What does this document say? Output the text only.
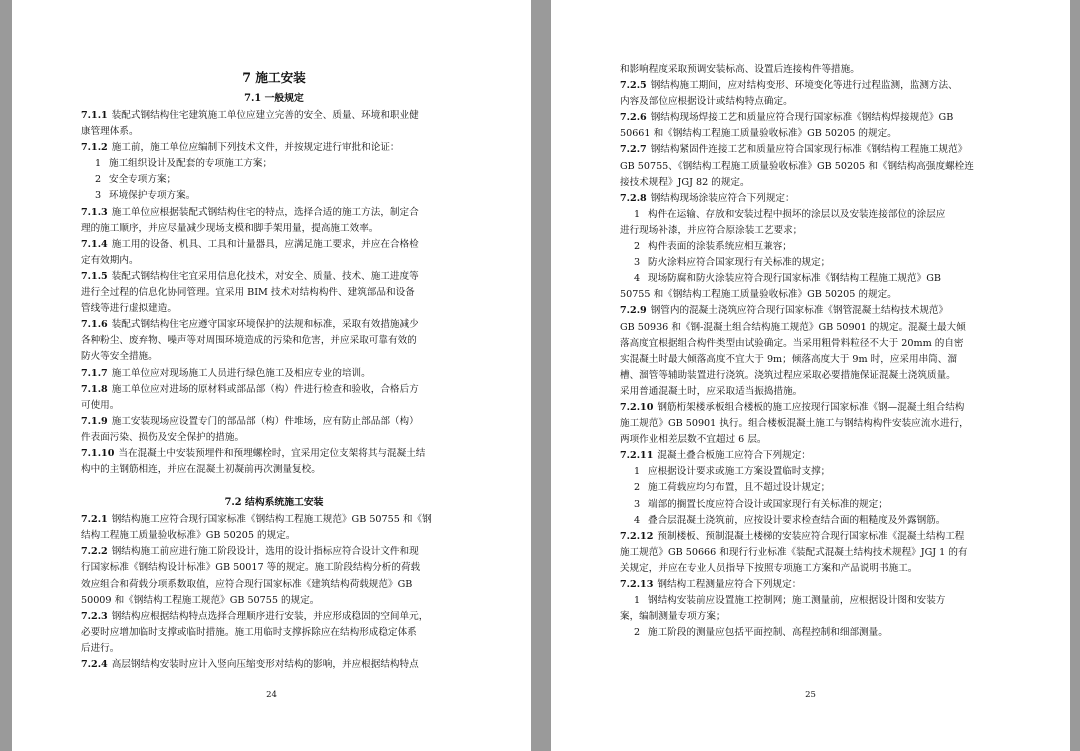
7 施工安装
7.1 一般规定
7.1.1 装配式钢结构住宅建筑施工单位应建立完善的安全、质量、环境和职业健
康管理体系。
7.1.2 施工前，施工单位应编制下列技术文件，并按规定进行审批和论证：
1 施工组织设计及配套的专项施工方案；
2 安全专项方案；
3 环境保护专项方案。
7.1.3 施工单位应根据装配式钢结构住宅的特点，选择合适的施工方法，制定合
理的施工顺序，并应尽量减少现场支模和脚手架用量，提高施工效率。
7.1.4 施工用的设备、机具、工具和计量器具，应满足施工要求，并应在合格检
定有效期内。
7.1.5 装配式钢结构住宅宜采用信息化技术，对安全、质量、技术、施工进度等
进行全过程的信息化协同管理。宜采用 BIM 技术对结构构件、建筑部品和设备
管线等进行虚拟建造。
7.1.6 装配式钢结构住宅应遵守国家环境保护的法规和标准，采取有效措施减少
各种粉尘、废弃物、噪声等对周围环境造成的污染和危害，并应采取可靠有效的
防火等安全措施。
7.1.7 施工单位应对现场施工人员进行绿色施工及相应专业的培训。
7.1.8 施工单位应对进场的原材料或部品部（构）件进行检查和验收，合格后方
可使用。
7.1.9 施工安装现场应设置专门的部品部（构）件堆场，应有防止部品部（构）
件表面污染、损伤及安全保护的措施。
7.1.10 当在混凝土中安装预埋件和预埋螺栓时，宜采用定位支架将其与混凝土结
构中的主钢筋相连，并应在混凝土初凝前再次测量复校。
7.2 结构系统施工安装
7.2.1 钢结构施工应符合现行国家标准《钢结构工程施工规范》GB 50755 和《钢
结构工程施工质量验收标准》GB 50205 的规定。
7.2.2 钢结构施工前应进行施工阶段设计，选用的设计指标应符合设计文件和现
行国家标准《钢结构设计标准》GB 50017 等的规定。施工阶段结构分析的荷载
效应组合和荷载分项系数取值，应符合现行国家标准《建筑结构荷载规范》GB
50009 和《钢结构工程施工规范》GB 50755 的规定。
7.2.3 钢结构应根据结构特点选择合理顺序进行安装，并应形成稳固的空间单元，
必要时应增加临时支撑或临时措施。施工用临时支撑拆除应在结构形成稳定体系
后进行。
7.2.4 高层钢结构安装时应计入竖向压缩变形对结构的影响，并应根据结构特点
24
和影响程度采取预调安装标高、设置后连接构件等措施。
7.2.5 钢结构施工期间，应对结构变形、环境变化等进行过程监测，监测方法、
内容及部位应根据设计或结构特点确定。
7.2.6 钢结构现场焊接工艺和质量应符合现行国家标准《钢结构焊接规范》GB
50661 和《钢结构工程施工质量验收标准》GB 50205 的规定。
7.2.7 钢结构紧固件连接工艺和质量应符合国家现行标准《钢结构工程施工规范》
GB 50755、《钢结构工程施工质量验收标准》GB 50205 和《钢结构高强度螺栓连
接技术规程》JGJ 82 的规定。
7.2.8 钢结构现场涂装应符合下列规定：
1 构件在运输、存放和安装过程中损坏的涂层以及安装连接部位的涂层应
进行现场补漆，并应符合原涂装工艺要求；
2 构件表面的涂装系统应相互兼容；
3 防火涂料应符合国家现行有关标准的规定；
4 现场防腐和防火涂装应符合现行国家标准《钢结构工程施工规范》GB
50755 和《钢结构工程施工质量验收标准》GB 50205 的规定。
7.2.9 钢管内的混凝土浇筑应符合现行国家标准《钢管混凝土结构技术规范》
GB 50936 和《钢-混凝土组合结构施工规范》GB 50901 的规定。混凝土最大倾
落高度宜根据组合构件类型由试验确定。当采用粗骨料粒径不大于 20mm 的自密
实混凝土时最大倾落高度不宜大于 9m；倾落高度大于 9m 时，应采用串筒、溜
槽、溜管等辅助装置进行浇筑。浇筑过程应采取必要措施保证混凝土浇筑质量。
采用普通混凝土时，应采取适当振捣措施。
7.2.10 钢筋桁架楼承板组合楼板的施工应按现行国家标准《钢—混凝土组合结构
施工规范》GB 50901 执行。组合楼板混凝土施工与钢结构构件安装应流水进行，
两项作业相差层数不宜超过 6 层。
7.2.11 混凝土叠合板施工应符合下列规定：
1 应根据设计要求或施工方案设置临时支撑；
2 施工荷载应均匀布置，且不超过设计规定；
3 端部的搁置长度应符合设计或国家现行有关标准的规定；
4 叠合层混凝土浇筑前，应按设计要求检查结合面的粗糙度及外露钢筋。
7.2.12 预制楼板、预制混凝土楼梯的安装应符合现行国家标准《混凝土结构工程
施工规范》GB 50666 和现行行业标准《装配式混凝土结构技术规程》JGJ 1 的有
关规定，并应在专业人员指导下按照专项施工方案和产品说明书施工。
7.2.13 钢结构工程测量应符合下列规定：
1 钢结构安装前应设置施工控制网；施工测量前，应根据设计图和安装方
案，编制测量专项方案；
2 施工阶段的测量应包括平面控制、高程控制和细部测量。
25
